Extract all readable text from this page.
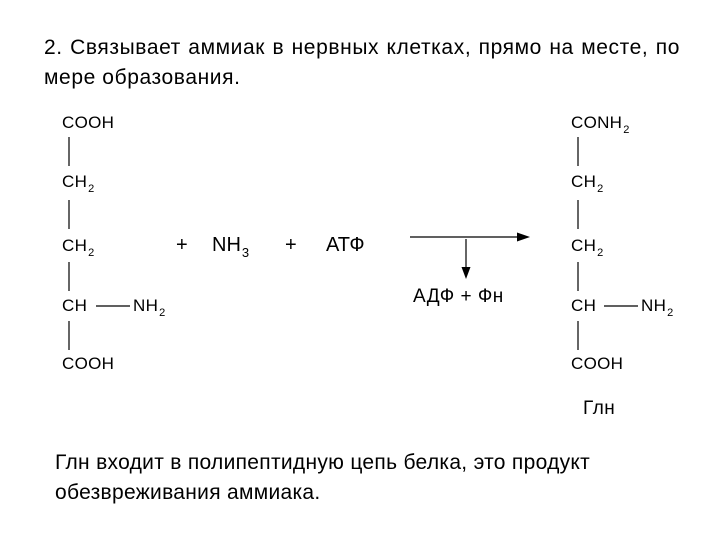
2. Связывает аммиак в нервных клетках, прямо на месте, по мере образования.
COOH
$CH_2$
$CH_2$
CH	$NH_2$
COOH
+ $NH_3$ + АТФ
АДФ + Фн
$CONH_2$
$CH_2$
$CH_2$
CH	$NH_2$
COOH
Глн
Глн входит в полипептидную цепь белка, это продукт
обезвреживания аммиака.
